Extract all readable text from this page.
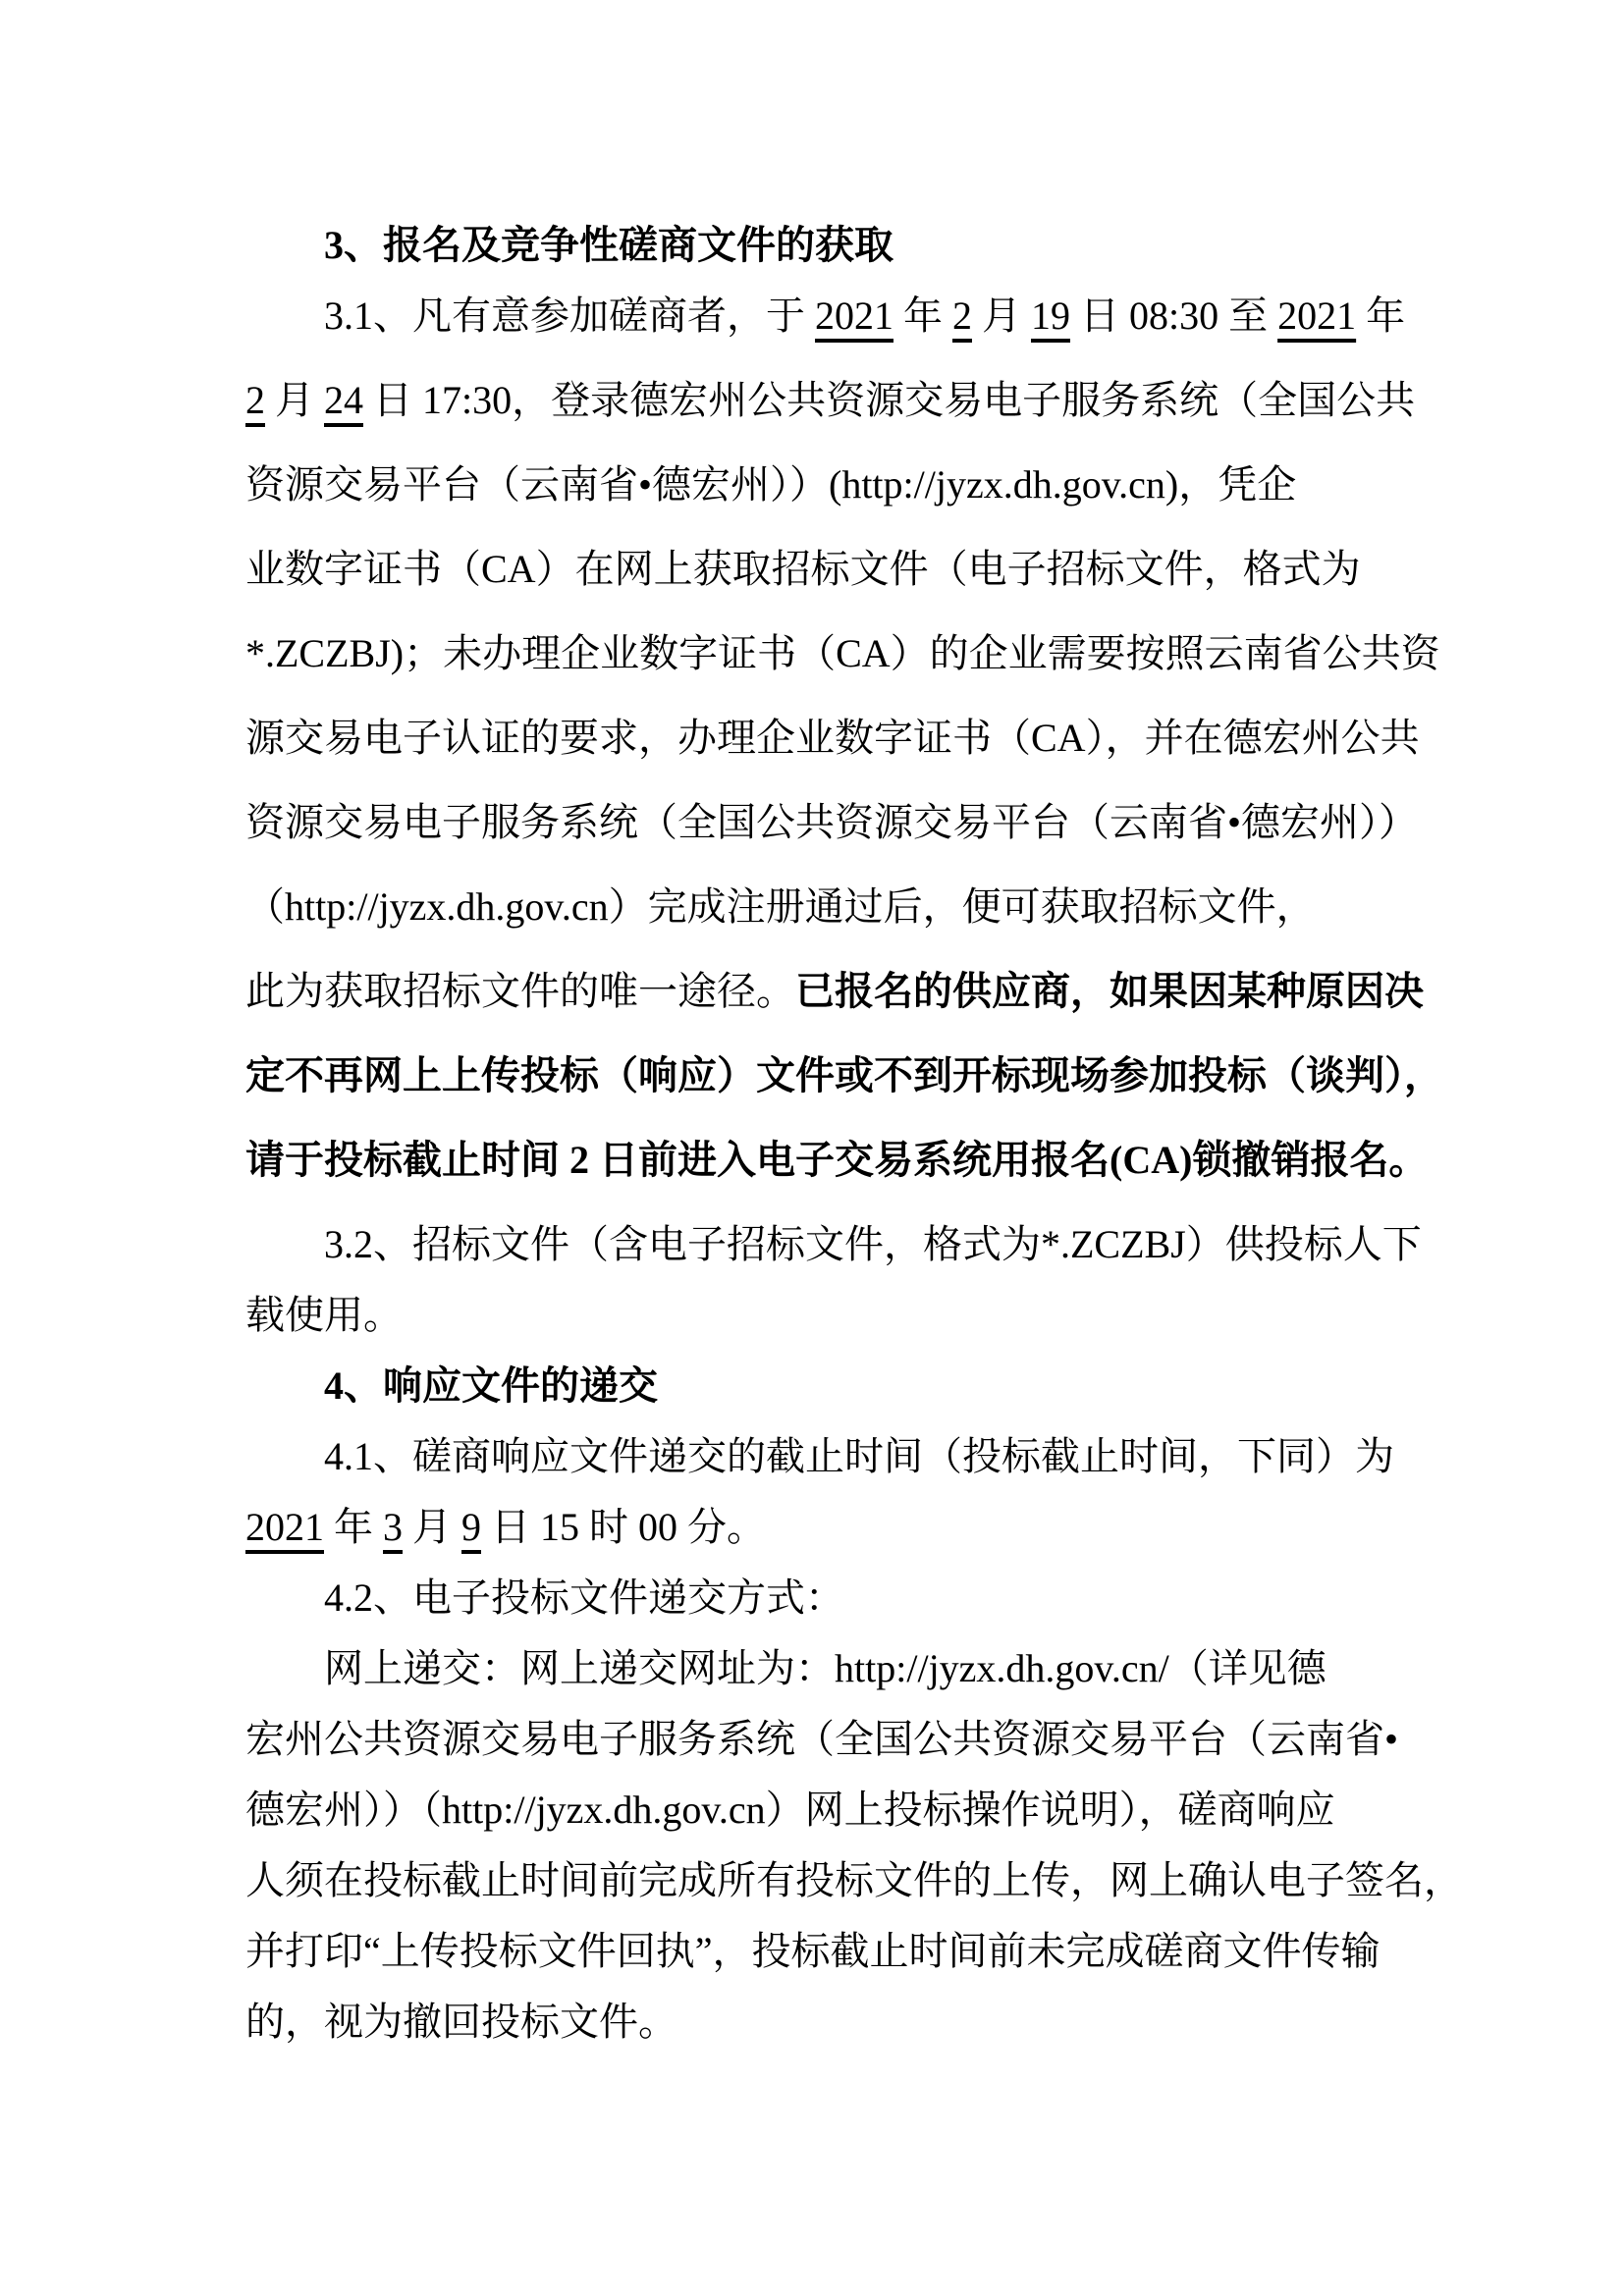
3、报名及竞争性磋商文件的获取
3.1、凡有意参加磋商者，于 2021 年 2 月 19 日 08:30 至 2021 年
2 月 24 日 17:30，登录德宏州公共资源交易电子服务系统（全国公共
资源交易平台（云南省•德宏州））(http://jyzx.dh.gov.cn)，凭企
业数字证书（CA）在网上获取招标文件（电子招标文件，格式为
*.ZCZBJ)；未办理企业数字证书（CA）的企业需要按照云南省公共资
源交易电子认证的要求，办理企业数字证书（CA），并在德宏州公共
资源交易电子服务系统（全国公共资源交易平台（云南省•德宏州））
（http://jyzx.dh.gov.cn）完成注册通过后，便可获取招标文件，
此为获取招标文件的唯一途径。已报名的供应商，如果因某种原因决
定不再网上上传投标（响应）文件或不到开标现场参加投标（谈判），
请于投标截止时间 2 日前进入电子交易系统用报名(CA)锁撤销报名。
3.2、招标文件（含电子招标文件，格式为*.ZCZBJ）供投标人下
载使用。
4、响应文件的递交
4.1、磋商响应文件递交的截止时间（投标截止时间，下同）为
2021 年 3 月 9 日 15 时 00 分。
4.2、电子投标文件递交方式：
网上递交：网上递交网址为：http://jyzx.dh.gov.cn/（详见德
宏州公共资源交易电子服务系统（全国公共资源交易平台（云南省•
德宏州））（http://jyzx.dh.gov.cn）网上投标操作说明），磋商响应
人须在投标截止时间前完成所有投标文件的上传，网上确认电子签名，
并打印“上传投标文件回执”，投标截止时间前未完成磋商文件传输
的，视为撤回投标文件。
